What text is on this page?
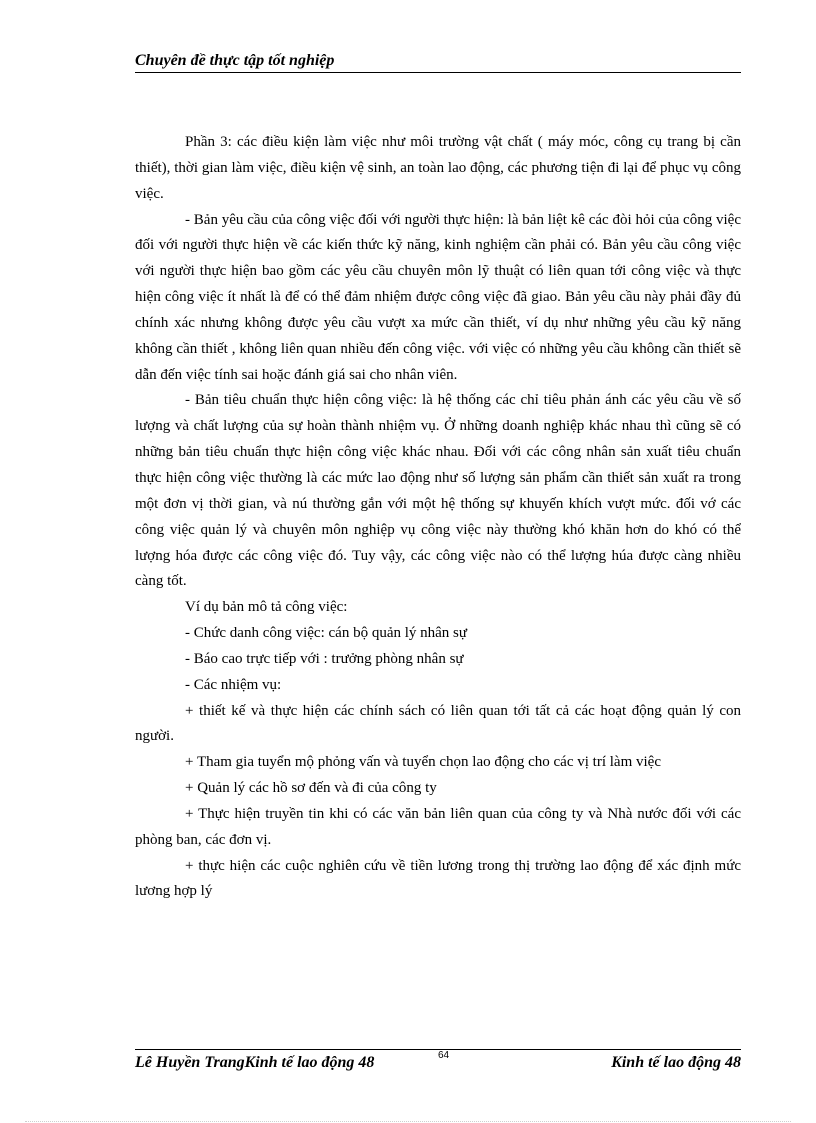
Chuyên đề thực tập tốt nghiệp

Phần 3: các điều kiện làm việc như môi trường vật chất ( máy móc, công cụ trang bị cần thiết), thời gian làm việc, điều kiện vệ sinh, an toàn lao động, các phương tiện đi lại để phục vụ công việc.

- Bản yêu cầu của công việc đối với người thực hiện: là bản liệt kê các đòi hỏi của công việc đối với người thực hiện về các kiến thức kỹ năng, kinh nghiệm cần phải có. Bản yêu cầu công việc với người thực hiện bao gồm các yêu cầu chuyên môn lỹ thuật có liên quan tới công việc và thực hiện công việc ít nhất là để có thể đảm nhiệm được công việc đã giao. Bản yêu cầu này phải đầy đủ chính xác nhưng không được yêu cầu vượt xa mức cần thiết, ví dụ như những yêu cầu kỹ năng không cần thiết , không liên quan nhiều đến công việc. với việc có những yêu cầu không cần thiết sẽ dẫn đến việc tính sai hoặc đánh giá sai cho nhân viên.

- Bản tiêu chuẩn thực hiện công việc: là hệ thống các chỉ tiêu phản ánh các yêu cầu về số lượng và chất lượng của sự hoàn thành nhiệm vụ. Ở những doanh nghiệp khác nhau thì cũng sẽ có những bản tiêu chuẩn thực hiện công việc khác nhau. Đối với các công nhân sản xuất tiêu chuẩn thực hiện công việc thường là các mức lao động như số lượng sản phẩm cần thiết sản xuất ra trong một đơn vị thời gian, và nú thường gắn với một hệ thống sự khuyến khích vượt mức. đối vớ các công việc quản lý và chuyên môn nghiệp vụ công việc này thường khó khăn hơn do khó có thể lượng hóa được các công việc đó. Tuy vậy, các công việc nào có thể lượng húa được càng nhiều càng tốt.

Ví dụ bản mô tả công việc:

- Chức danh công việc: cán bộ quản lý nhân sự

- Báo cao trực tiếp với : trưởng phòng nhân sự

- Các nhiệm vụ:

+ thiết kế và thực hiện các chính sách có liên quan tới tất cả các hoạt động quản lý con người.

+ Tham gia tuyển mộ phỏng vấn và tuyển chọn lao động cho các vị trí làm việc

+ Quản lý các hồ sơ đến và đi của công ty

+ Thực hiện truyền tin khi có các văn bản liên quan của công ty và Nhà nước đối với các phòng ban, các đơn vị.

+ thực hiện các cuộc nghiên cứu về tiền lương trong thị trường lao động để xác định mức lương hợp lý

Lê Huyền TrangKinh tế lao động 48	64	Kinh tế lao động 48
